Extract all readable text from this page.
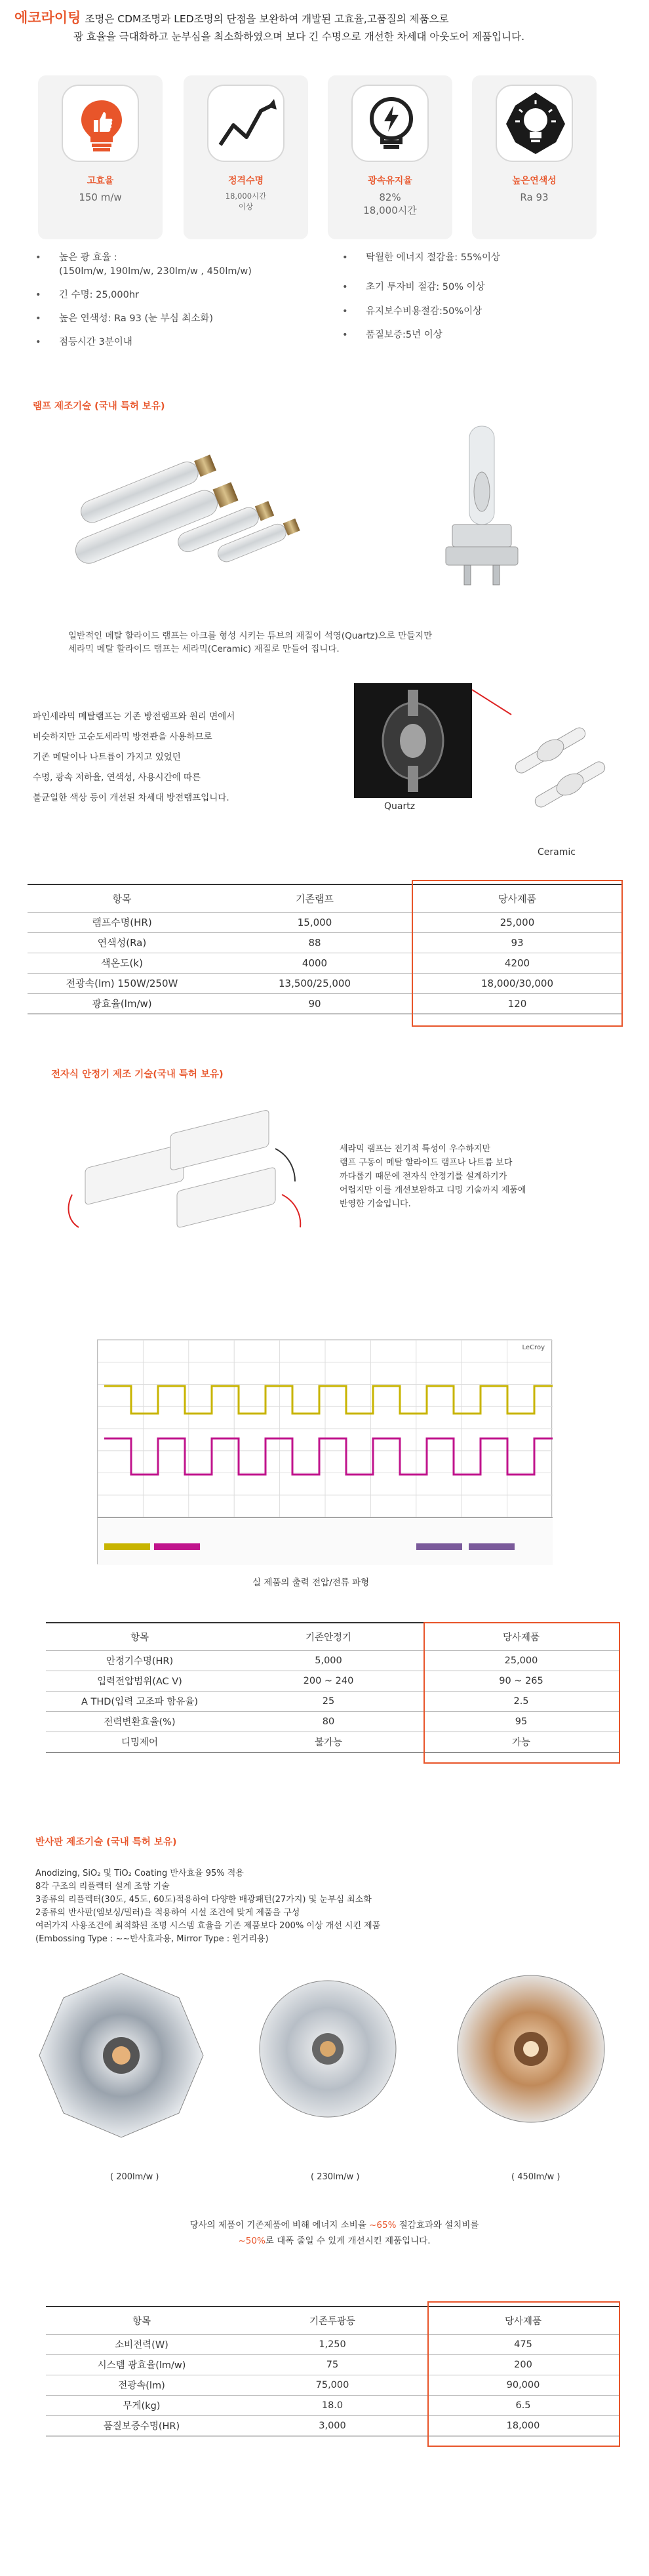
에코라이팅 조명은 CDM조명과 LED조명의 단점을 보완하여 개발된 고효율,고품질의 제품으로
광 효율을 극대화하고 눈부심을 최소화하였으며 보다 긴 수명으로 개선한 차세대 아웃도어 제품입니다.
고효율
150 m/w
정격수명
18,000시간
이상
광속유지율
82%
18,000시간
높은연색성
Ra 93
• 높은 광 효율 :
(150lm/w, 190lm/w, 230lm/w , 450lm/w)
• 긴 수명: 25,000hr
• 높은 연색성: Ra 93 (눈 부심 최소화)
• 점등시간 3분이내
• 탁월한 에너지 절감율: 55%이상
• 초기 투자비 절감: 50% 이상
• 유지보수비용절감:50%이상
• 품질보증:5년 이상
램프 제조기술 (국내 특허 보유)
일반적인 메탈 할라이드 램프는 아크를 형성 시키는 튜브의 재질이 석영(Quartz)으로 만들지만
세라믹 메탈 할라이드 램프는 세라믹(Ceramic) 재질로 만들어 집니다.
파인세라믹 메탈램프는 기존 방전램프와 원리 면에서
비슷하지만 고순도세라믹 방전관을 사용하므로
기존 메탈이나 나트륨이 가지고 있었던
수명, 광속 저하율, 연색성, 사용시간에 따른
불균일한 색상 등이 개선된 차세대 방전램프입니다.
Quartz
Ceramic
항목	기존램프	당사제품
램프수명(HR)	15,000	25,000
연색성(Ra)	88	93
색온도(k)	4000	4200
전광속(lm) 150W/250W	13,500/25,000	18,000/30,000
광효율(lm/w)	90	120
전자식 안정기 제조 기술(국내 특허 보유)
세라믹 램프는 전기적 특성이 우수하지만
램프 구동이 메탈 할라이드 램프나 나트륨 보다
까다롭기 때문에 전자식 안정기를 설계하기가
어렵지만 이를 개선보완하고 디밍 기술까지 제품에
반영한 기술입니다.
LeCroy
실 제품의 출력 전압/전류 파형
항목	기존안정기	당사제품
안정기수명(HR)	5,000	25,000
입력전압범위(AC V)	200 ~ 240	90 ~ 265
A THD(입력 고조파 함유율)	25	2.5
전력변환효율(%)	80	95
디밍제어	불가능	가능
반사판 제조기술 (국내 특허 보유)
Anodizing, SiO₂ 및 TiO₂ Coating 반사효율 95% 적용
8각 구조의 리플렉터 설계 조합 기술
3종류의 리플렉터(30도, 45도, 60도)적용하여 다양한 배광패턴(27가지) 및 눈부심 최소화
2종류의 반사판(엠보싱/밀러)을 적용하여 시설 조건에 맞게 제품을 구성
여러가지 사용조건에 최적화된 조명 시스템 효율을 기존 제품보다 200% 이상 개선 시킨 제품
(Embossing Type : ~~반사효과용, Mirror Type : 원거리용)
( 200lm/w )	( 230lm/w )	( 450lm/w )
당사의 제품이 기존제품에 비해 에너지 소비율 ~65% 절감효과와 설치비를
~50%로 대폭 줄일 수 있게 개선시킨 제품입니다.
항목	기존투광등	당사제품
소비전력(W)	1,250	475
시스템 광효율(lm/w)	75	200
전광속(lm)	75,000	90,000
무게(kg)	18.0	6.5
품질보증수명(HR)	3,000	18,000
